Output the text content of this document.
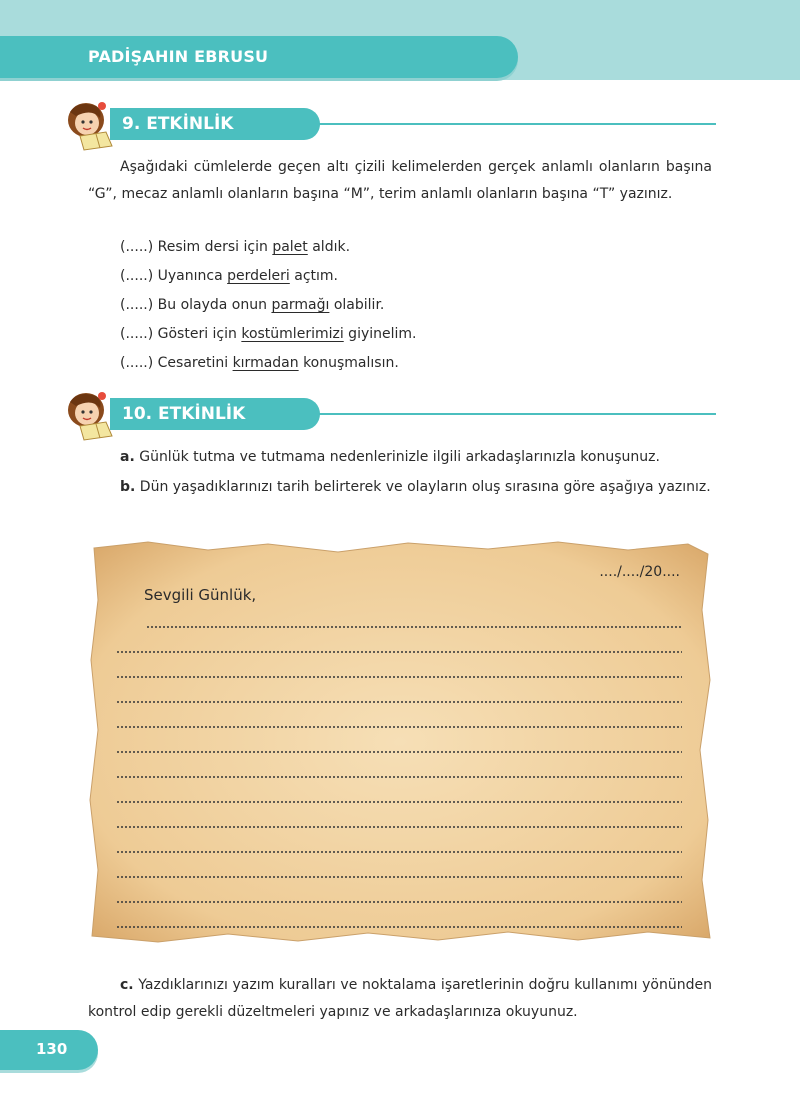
PADİŞAHIN EBRUSU
9. ETKİNLİK
Aşağıdaki cümlelerde geçen altı çizili kelimelerden gerçek anlamlı olanların başına “G”, mecaz anlamlı olanların başına “M”, terim anlamlı olanların başına “T” yazınız.
(.....) Resim dersi için palet aldık.
(.....) Uyanınca perdeleri açtım.
(.....) Bu olayda onun parmağı olabilir.
(.....) Gösteri için kostümlerimizi giyinelim.
(.....) Cesaretini kırmadan konuşmalısın.
10. ETKİNLİK
a. Günlük tutma ve tutmama nedenlerinizle ilgili arkadaşlarınızla konuşunuz.
b. Dün yaşadıklarınızı tarih belirterek ve olayların oluş sırasına göre aşağıya yazınız.
..../..../20....
Sevgili Günlük,
c. Yazdıklarınızı yazım kuralları ve noktalama işaretlerinin doğru kullanımı yönünden kontrol edip gerekli düzeltmeleri yapınız ve arkadaşlarınıza okuyunuz.
130
